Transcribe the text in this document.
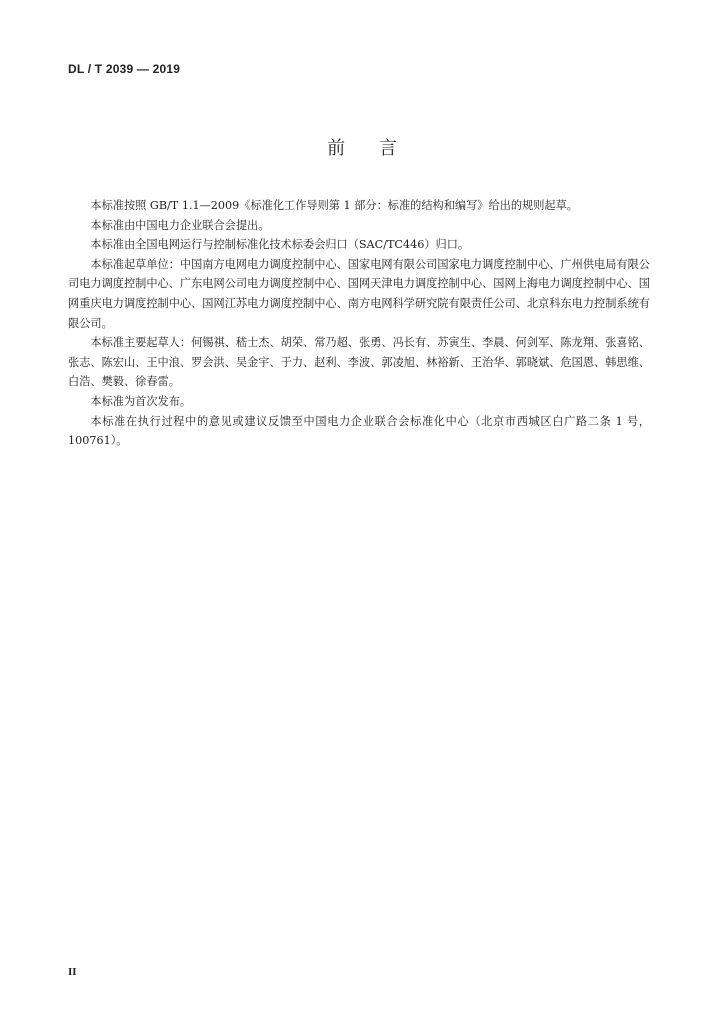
DL / T 2039 — 2019
前 言

本标准按照 GB/T 1.1—2009《标准化工作导则第 1 部分：标准的结构和编写》给出的规则起草。

本标准由中国电力企业联合会提出。

本标准由全国电网运行与控制标准化技术标委会归口（SAC/TC446）归口。

本标准起草单位：中国南方电网电力调度控制中心、国家电网有限公司国家电力调度控制中心、广州供电局有限公司电力调度控制中心、广东电网公司电力调度控制中心、国网天津电力调度控制中心、国网上海电力调度控制中心、国网重庆电力调度控制中心、国网江苏电力调度控制中心、南方电网科学研究院有限责任公司、北京科东电力控制系统有限公司。

本标准主要起草人：何锡祺、嵇士杰、胡荣、常乃超、张勇、冯长有、苏寅生、李晨、何剑军、陈龙翔、张喜铭、张志、陈宏山、王中浪、罗会洪、吴金宇、于力、赵利、李波、郭凌旭、林裕新、王治华、郭晓斌、危国恩、韩思维、白浩、樊毅、徐春雷。

本标准为首次发布。

本标准在执行过程中的意见或建议反馈至中国电力企业联合会标准化中心（北京市西城区白广路二条 1 号，100761）。

II
